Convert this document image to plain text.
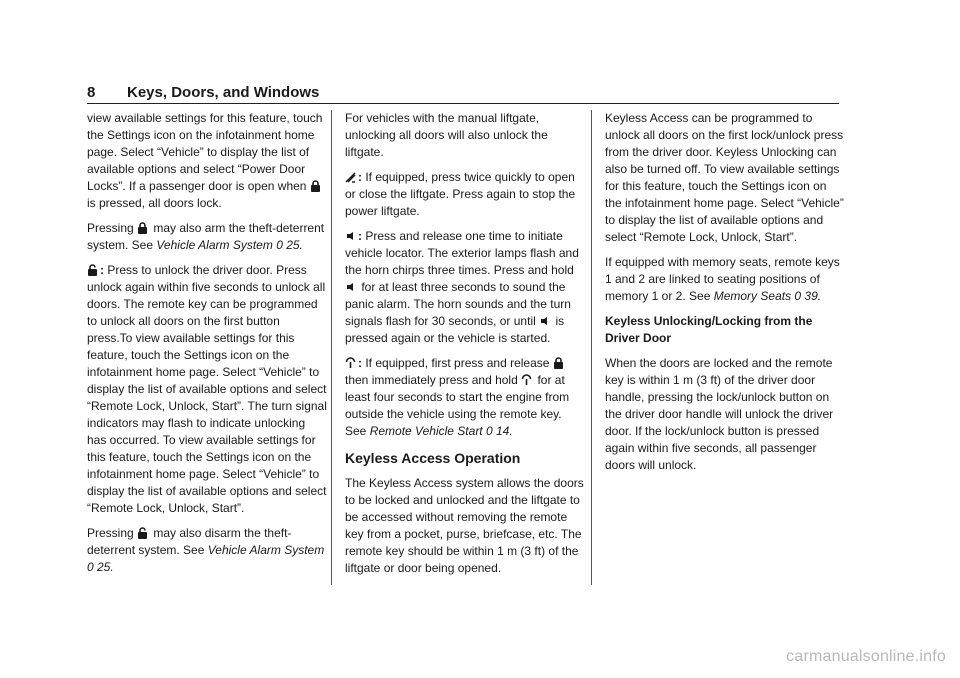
8 Keys, Doors, and Windows

view available settings for this feature, touch the Settings icon on the infotainment home page. Select “Vehicle” to display the list of available options and select “Power Door Locks”. If a passenger door is open when
is pressed, all doors lock.

Pressing may also arm the theft-deterrent system. See Vehicle Alarm System 0 25.

: Press to unlock the driver door. Press unlock again within five seconds to unlock all doors. The remote key can be programmed to unlock all doors on the first button press.To view available settings for this feature, touch the Settings icon on the infotainment home page. Select “Vehicle” to display the list of available options and select “Remote Lock, Unlock, Start”. The turn signal indicators may flash to indicate unlocking has occurred. To view available settings for this feature, touch the Settings icon on the infotainment home page. Select “Vehicle” to display the list of available options and select “Remote Lock, Unlock, Start”.

Pressing may also disarm the theft-deterrent system. See Vehicle Alarm System 0 25.

For vehicles with the manual liftgate, unlocking all doors will also unlock the liftgate.

: If equipped, press twice quickly to open or close the liftgate. Press again to stop the power liftgate.

: Press and release one time to initiate vehicle locator. The exterior lamps flash and the horn chirps three times. Press and hold
for at least three seconds to sound the panic alarm. The horn sounds and the turn signals flash for 30 seconds, or until is pressed again or the vehicle is started.

: If equipped, first press and release
then immediately press and hold for at least four seconds to start the engine from outside the vehicle using the remote key. See Remote Vehicle Start 0 14.

Keyless Access Operation

The Keyless Access system allows the doors to be locked and unlocked and the liftgate to be accessed without removing the remote key from a pocket, purse, briefcase, etc. The remote key should be within 1 m (3 ft) of the liftgate or door being opened.

Keyless Access can be programmed to unlock all doors on the first lock/unlock press from the driver door. Keyless Unlocking can also be turned off. To view available settings for this feature, touch the Settings icon on the infotainment home page. Select “Vehicle” to display the list of available options and select “Remote Lock, Unlock, Start”.

If equipped with memory seats, remote keys 1 and 2 are linked to seating positions of memory 1 or 2. See Memory Seats 0 39.

Keyless Unlocking/Locking from the Driver Door

When the doors are locked and the remote key is within 1 m (3 ft) of the driver door handle, pressing the lock/unlock button on the driver door handle will unlock the driver door. If the lock/unlock button is pressed again within five seconds, all passenger doors will unlock.

carmanualsonline.info
